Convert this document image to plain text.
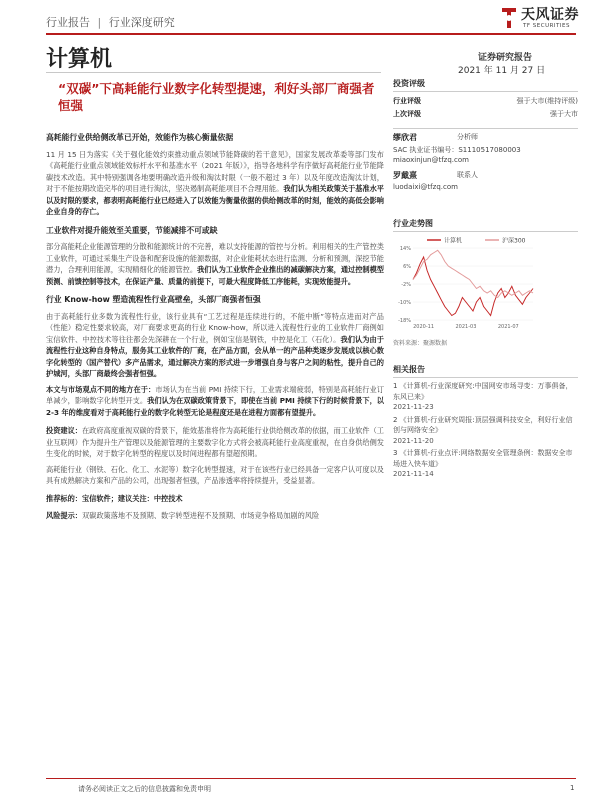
行业报告 | 行业深度研究	天风证券
TF SECURITIES
计算机	证券研究报告
2021 年 11 月 27 日
“双碳”下高耗能行业数字化转型提速，利好头部厂商强者恒强
高耗能行业供给侧改革已开始，效能作为核心衡量依据

11 月 15 日为落实《关于强化能效约束推动重点领域节能降碳的若干意见》，国家发展改革委等部门发布《高耗能行业重点领域能效标杆水平和基准水平（2021 年版）》，指导各地科学有序做好高耗能行业节能降碳技术改造。其中特别强调各地要明确改造升级和淘汰时限（一般不超过 3 年）以及年度改造淘汰计划，对于不能按期改造完毕的项目进行淘汰，坚决遏制高耗能项目不合理用能。我们认为相关政策关于基准水平以及时限的要求，都表明高耗能行业已经进入了以效能为衡量依据的供给侧改革的时刻，能效的高低会影响企业自身的存亡。

工业软件对提升能效至关重要，节能减排不可或缺

部分高能耗企业能源管理的分散和能源统计的不完善，难以支持能源的管控与分析。利用相关的生产管控类工业软件，可通过采集生产设备和配套设施的能源数据，对企业能耗状态进行监测、分析和预测，深挖节能潜力，合理利用能源，实现精细化的能源管控。我们认为工业软件企业推出的减碳解决方案，通过控制模型预测、前馈控制等技术，在保证产量、质量的前提下，可最大程度降低工序能耗，实现效能提升。

行业 Know-how 塑造流程性行业高壁垒，头部厂商强者恒强

由于高耗能行业多数为流程性行业，该行业具有“工艺过程是连续进行的，不能中断”等特点进而对产品（性能）稳定性要求较高，对厂商要求更高的行业 Know-how，所以进入流程性行业的工业软件厂商例如宝信软件、中控技术等往往都会先深耕在一个行业，例如宝信是钢铁，中控是化工（石化）。我们认为由于流程性行业这种自身特点，服务其工业软件的厂商，在产品方面，会从单一的产品种类逐步发展成以核心数字化转型的（国产替代）多产品需求，通过解决方案的形式进一步增强自身与客户之间的粘性，提升自己的护城河，头部厂商最终会强者恒强。

本文与市场观点不同的地方在于：市场认为在当前 PMI 持续下行，工业需求端疲弱，特别是高耗能行业订单减少，影响数字化转型开支。我们认为在双碳政策背景下，即使在当前 PMI 持续下行的时候背景下，以 2-3 年的维度看对于高耗能行业的数字化转型无论是程度还是在进程方面都有望提升。

投资建议：在政府高度重视双碳的背景下，能效基准将作为高耗能行业供给侧改革的依据，而工业软件（工业互联网）作为提升生产管理以及能源管理的主要数字化方式将会被高耗能行业高度重视，在自身供给侧发生变化的时候，对于数字化转型的程度以及时间进程都有望超预期。

高耗能行业（钢铁、石化、化工、水泥等）数字化转型提速，对于在该些行业已经具备一定客户认可度以及具有成熟解决方案和产品的公司，出现强者恒强，产品渗透率将持续提升，受益显著。

推荐标的：宝信软件；建议关注：中控技术

风险提示：双碳政策落地不及预期、数字转型进程不及预期、市场竞争格局加剧的风险

投资评级
行业评级	强于大市(维持评级)
上次评级	强于大市
缪欣君	分析师
SAC 执业证书编号：S1110517080003
miaoxinjun@tfzq.com
罗戴熹	联系人
luodaixi@tfzq.com
行业走势图
计算机	沪深300
14%
6%
-2%
-10%
-18%
2020-11	2021-03	2021-07
资料来源：聚源数据
相关报告
1 《计算机-行业深度研究:中国网安市场寻变：万事俱备，东风已来》
2021-11-23
2 《计算机-行业研究周报:顶层强调科技安全，利好行业信创与网络安全》
2021-11-20
3 《计算机-行业点评:网络数据安全管理条例：数据安全市场进入快车道》
2021-11-14
请务必阅读正文之后的信息披露和免责申明	1
